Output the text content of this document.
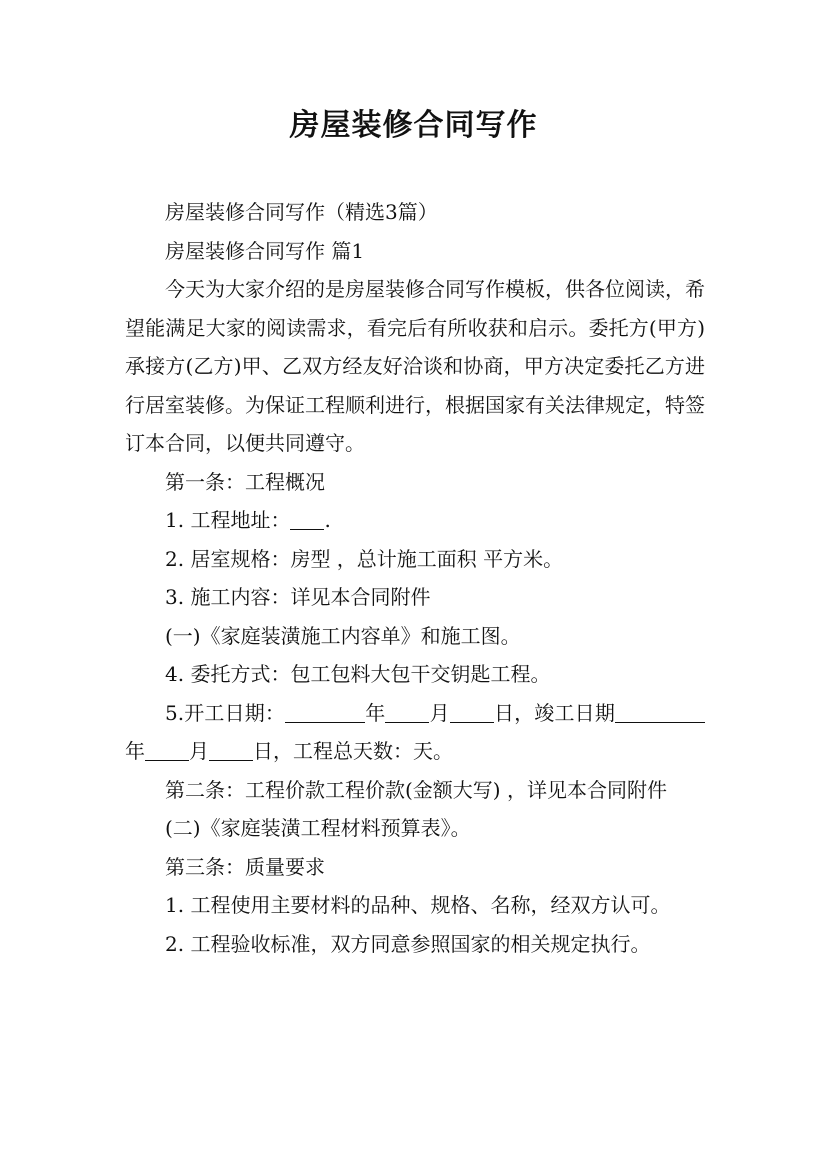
房屋装修合同写作

房屋装修合同写作（精选3篇）

房屋装修合同写作 篇1

今天为大家介绍的是房屋装修合同写作模板，供各位阅读，希望能满足大家的阅读需求，看完后有所收获和启示。委托方(甲方)承接方(乙方)甲、乙双方经友好洽谈和协商，甲方决定委托乙方进行居室装修。为保证工程顺利进行，根据国家有关法律规定，特签订本合同，以便共同遵守。

第一条：工程概况

1. 工程地址： .

2. 居室规格：房型 ，总计施工面积 平方米。

3. 施工内容：详见本合同附件

(一)《家庭装潢施工内容单》和施工图。

4. 委托方式：包工包料大包干交钥匙工程。

5.开工日期：	年 月 日，竣工日期年 月 日，工程总天数：天。

第二条：工程价款工程价款(金额大写) ，详见本合同附件

(二)《家庭装潢工程材料预算表》。

第三条：质量要求

1. 工程使用主要材料的品种、规格、名称，经双方认可。

2. 工程验收标准，双方同意参照国家的相关规定执行。
